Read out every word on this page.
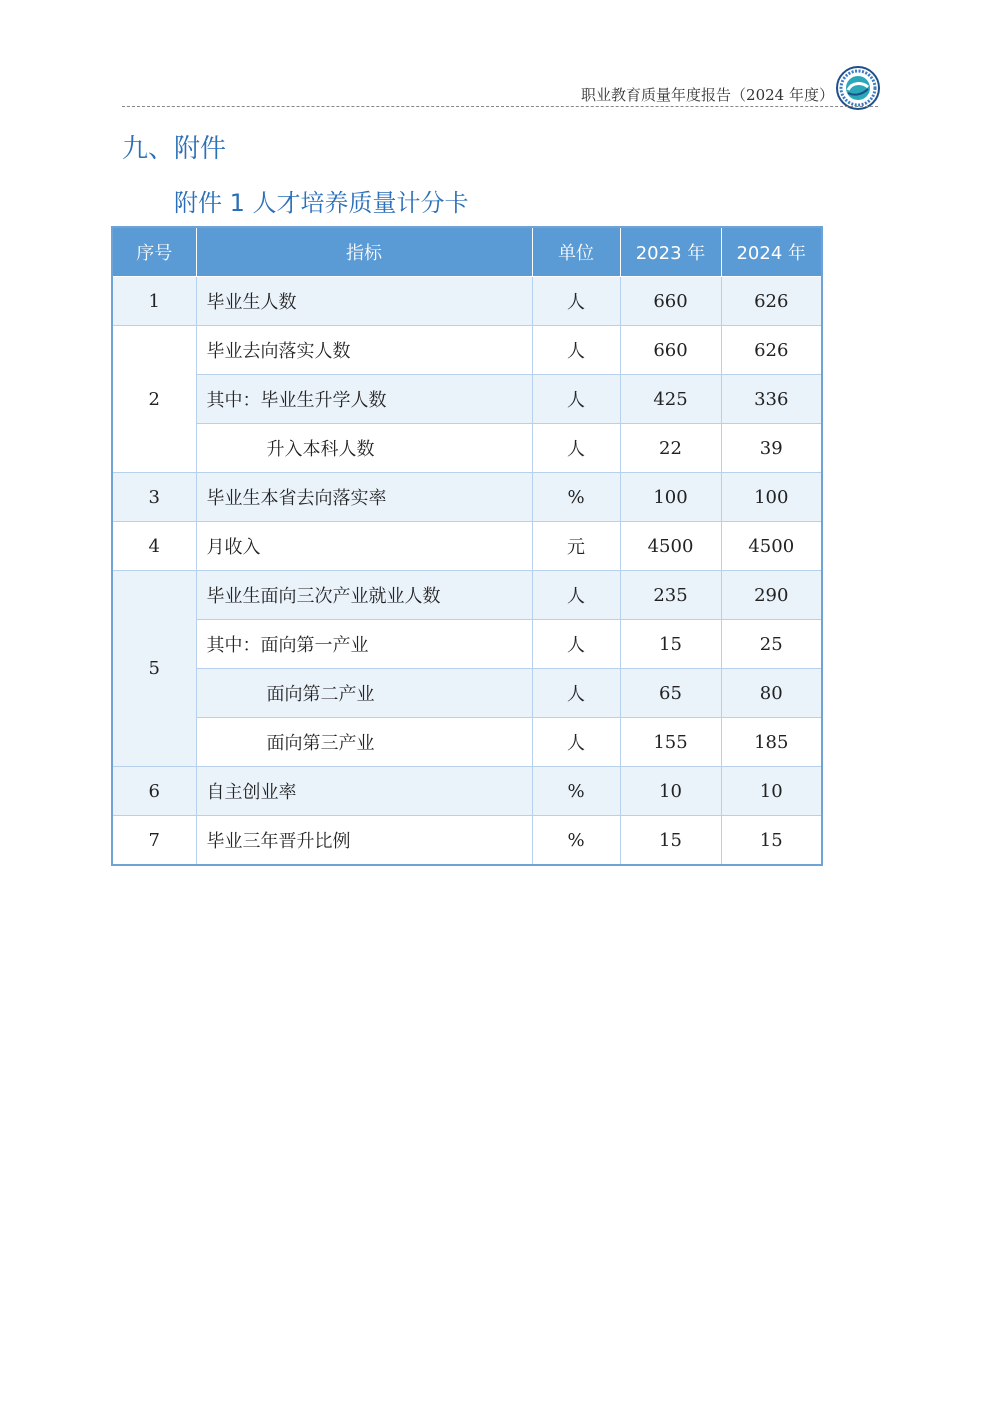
职业教育质量年度报告（2024 年度）
九、附件
附件 1 人才培养质量计分卡
序号	指标	单位	2023 年	2024 年
1	毕业生人数	人	660	626
2	毕业去向落实人数	人	660	626
	其中：毕业生升学人数	人	425	336
	升入本科人数	人	22	39
3	毕业生本省去向落实率	%	100	100
4	月收入	元	4500	4500
5	毕业生面向三次产业就业人数	人	235	290
	其中：面向第一产业	人	15	25
	面向第二产业	人	65	80
	面向第三产业	人	155	185
6	自主创业率	%	10	10
7	毕业三年晋升比例	%	15	15
